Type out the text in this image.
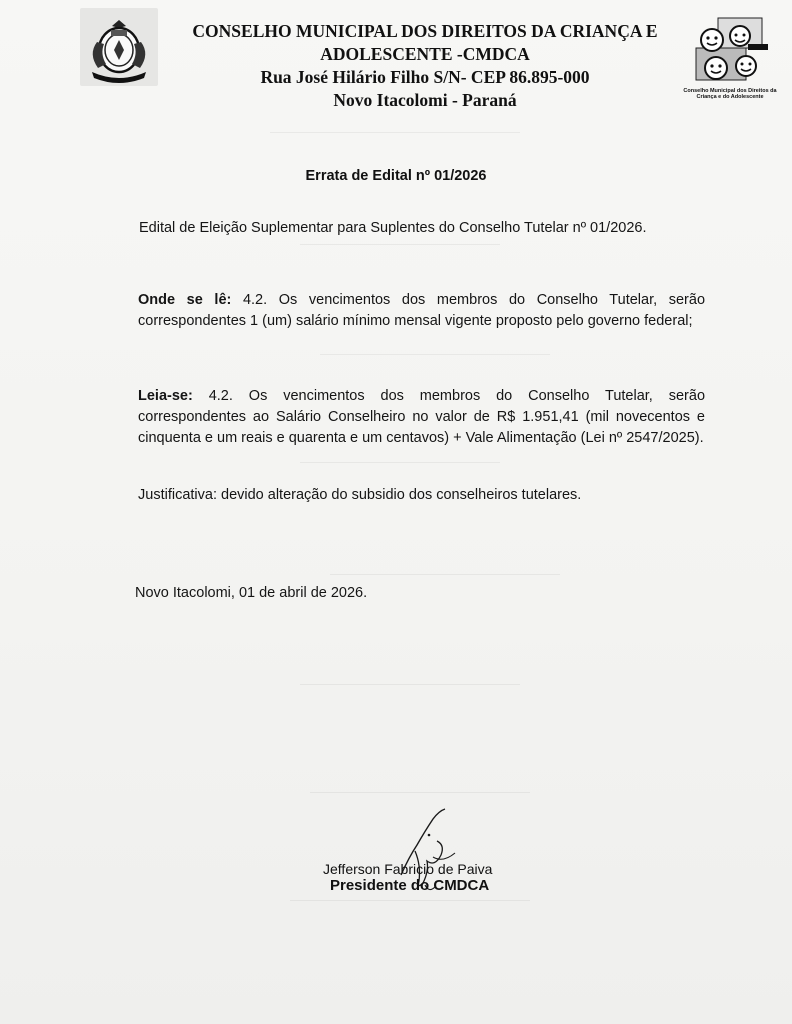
CONSELHO MUNICIPAL DOS DIREITOS DA CRIANÇA E
ADOLESCENTE -CMDCA
Rua José Hilário Filho S/N- CEP 86.895-000
Novo Itacolomi - Paraná	Conselho Municipal dos Direitos da Criança e do Adolescente
Errata de Edital nº 01/2026
Edital de Eleição Suplementar para Suplentes do Conselho Tutelar nº 01/2026.
Onde se lê: 4.2. Os vencimentos dos membros do Conselho Tutelar, serão correspondentes 1 (um) salário mínimo mensal vigente proposto pelo governo federal;
Leia-se: 4.2. Os vencimentos dos membros do Conselho Tutelar, serão correspondentes ao Salário Conselheiro no valor de R$ 1.951,41 (mil novecentos e cinquenta e um reais e quarenta e um centavos) + Vale Alimentação (Lei nº 2547/2025).
Justificativa: devido alteração do subsidio dos conselheiros tutelares.
Novo Itacolomi, 01 de abril de 2026.
Jefferson Fabricio de Paiva
Presidente do CMDCA
